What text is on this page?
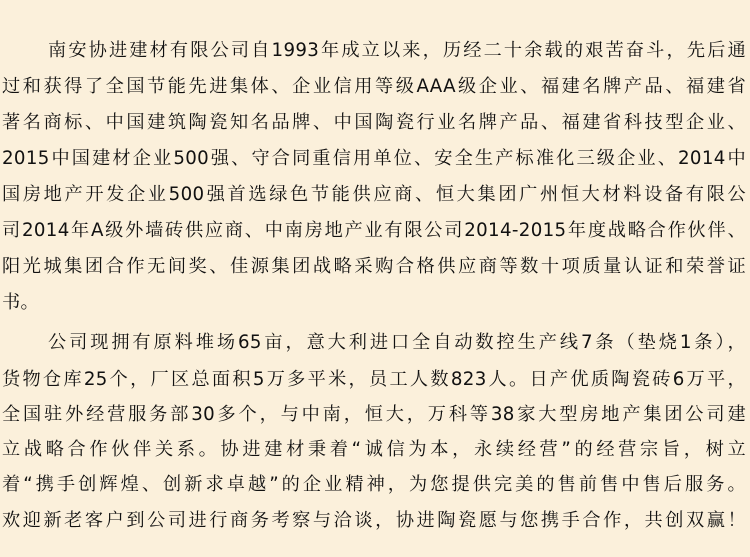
南安协进建材有限公司自1993年成立以来，历经二十余载的艰苦奋斗，先后通
过和获得了全国节能先进集体、企业信用等级AAA级企业、福建名牌产品、福建省
著名商标、中国建筑陶瓷知名品牌、中国陶瓷行业名牌产品、福建省科技型企业、
2015中国建材企业500强、守合同重信用单位、安全生产标准化三级企业、2014中
国房地产开发企业500强首选绿色节能供应商、恒大集团广州恒大材料设备有限公
司2014年A级外墙砖供应商、中南房地产业有限公司2014-2015年度战略合作伙伴、
阳光城集团合作无间奖、佳源集团战略采购合格供应商等数十项质量认证和荣誉证
书。
公司现拥有原料堆场65亩，意大利进口全自动数控生产线7条（垫烧1条），
货物仓库25个，厂区总面积5万多平米，员工人数823人。日产优质陶瓷砖6万平，
全国驻外经营服务部30多个，与中南，恒大，万科等38家大型房地产集团公司建
立战略合作伙伴关系。协进建材秉着“诚信为本，永续经营”的经营宗旨，树立
着“携手创辉煌、创新求卓越”的企业精神，为您提供完美的售前售中售后服务。
欢迎新老客户到公司进行商务考察与洽谈，协进陶瓷愿与您携手合作，共创双赢！
